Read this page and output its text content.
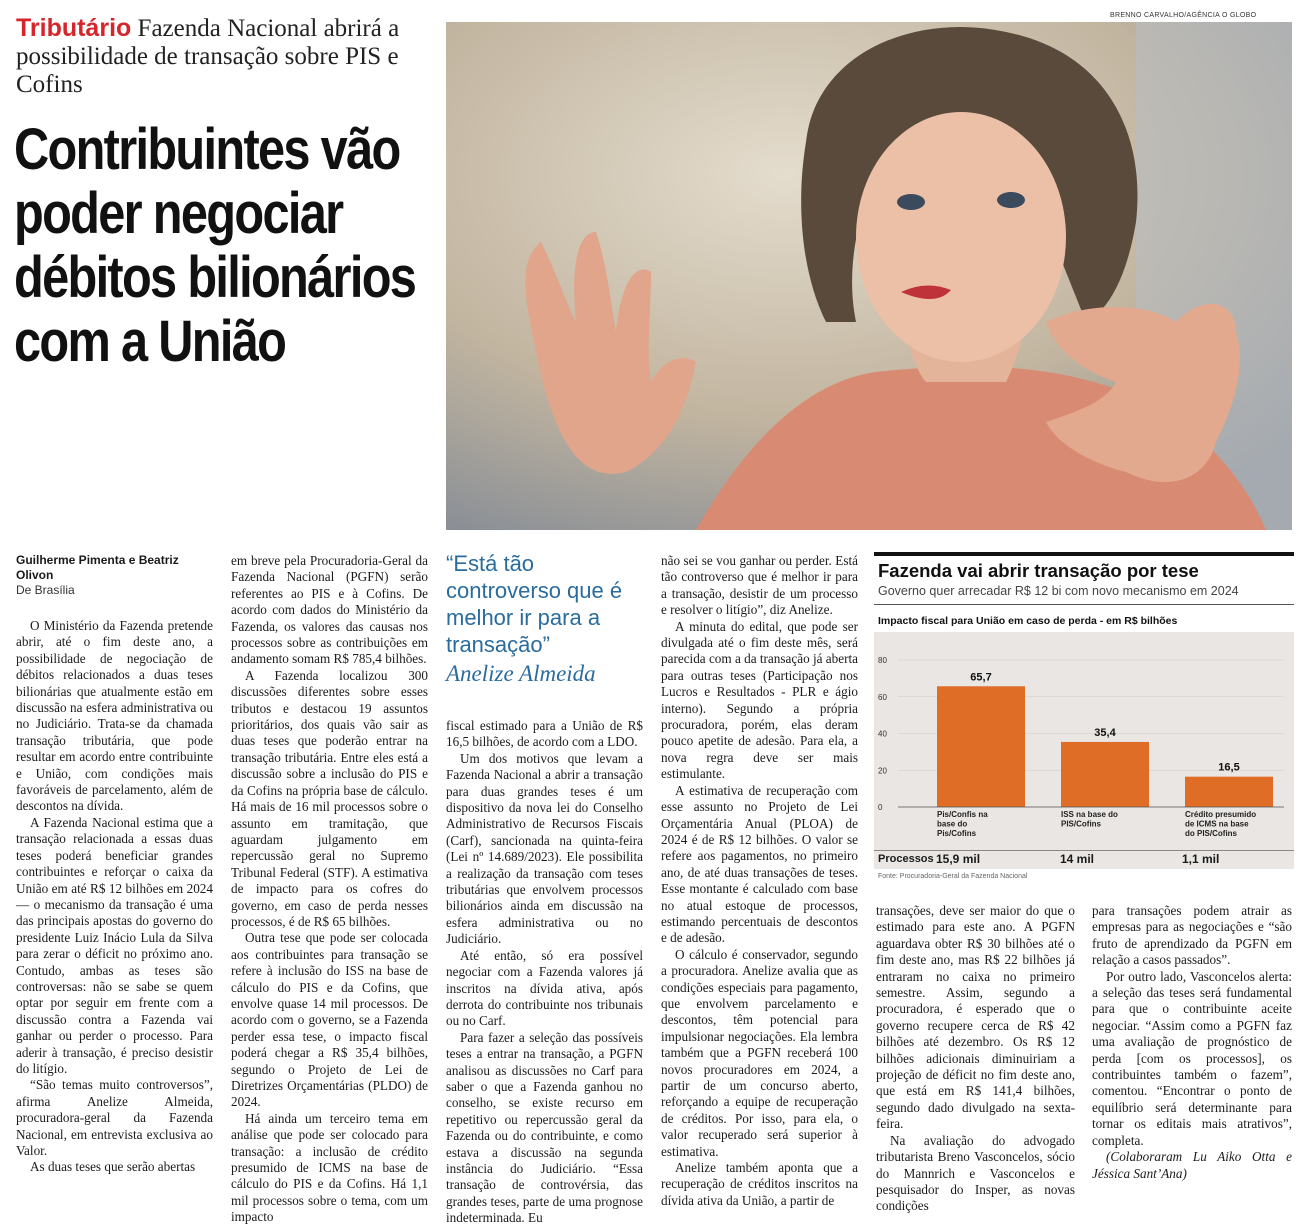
Tributário Fazenda Nacional abrirá a possibilidade de transação sobre PIS e Cofins
Contribuintes vão poder negociar débitos bilionários com a União
BRENNO CARVALHO/AGÊNCIA O GLOBO
Guilherme Pimenta e Beatriz Olivon
De Brasília

O Ministério da Fazenda pretende abrir, até o fim deste ano, a possibilidade de negociação de débitos relacionados a duas teses bilionárias que atualmente estão em discussão na esfera administrativa ou no Judiciário. Trata-se da chamada transação tributária, que pode resultar em acordo entre contribuinte e União, com condições mais favoráveis de parcelamento, além de descontos na dívida.

A Fazenda Nacional estima que a transação relacionada a essas duas teses poderá beneficiar grandes contribuintes e reforçar o caixa da União em até R$ 12 bilhões em 2024 — o mecanismo da transação é uma das principais apostas do governo do presidente Luiz Inácio Lula da Silva para zerar o déficit no próximo ano. Contudo, ambas as teses são controversas: não se sabe se quem optar por seguir em frente com a discussão contra a Fazenda vai ganhar ou perder o processo. Para aderir à transação, é preciso desistir do litígio.

“São temas muito controversos”, afirma Anelize Almeida, procuradora-geral da Fazenda Nacional, em entrevista exclusiva ao Valor.

As duas teses que serão abertas

em breve pela Procuradoria-Geral da Fazenda Nacional (PGFN) serão referentes ao PIS e à Cofins. De acordo com dados do Ministério da Fazenda, os valores das causas nos processos sobre as contribuições em andamento somam R$ 785,4 bilhões.

A Fazenda localizou 300 discussões diferentes sobre esses tributos e destacou 19 assuntos prioritários, dos quais vão sair as duas teses que poderão entrar na transação tributária. Entre eles está a discussão sobre a inclusão do PIS e da Cofins na própria base de cálculo. Há mais de 16 mil processos sobre o assunto em tramitação, que aguardam julgamento em repercussão geral no Supremo Tribunal Federal (STF). A estimativa de impacto para os cofres do governo, em caso de perda nesses processos, é de R$ 65 bilhões.

Outra tese que pode ser colocada aos contribuintes para transação se refere à inclusão do ISS na base de cálculo do PIS e da Cofins, que envolve quase 14 mil processos. De acordo com o governo, se a Fazenda perder essa tese, o impacto fiscal poderá chegar a R$ 35,4 bilhões, segundo o Projeto de Lei de Diretrizes Orçamentárias (PLDO) de 2024.

Há ainda um terceiro tema em análise que pode ser colocado para transação: a inclusão de crédito presumido de ICMS na base de cálculo do PIS e da Cofins. Há 1,1 mil processos sobre o tema, com um impacto

“Está tão controverso que é melhor ir para a transação”
Anelize Almeida

fiscal estimado para a União de R$ 16,5 bilhões, de acordo com a LDO.

Um dos motivos que levam a Fazenda Nacional a abrir a transação para duas grandes teses é um dispositivo da nova lei do Conselho Administrativo de Recursos Fiscais (Carf), sancionada na quinta-feira (Lei nº 14.689/2023). Ele possibilita a realização da transação com teses tributárias que envolvem processos bilionários ainda em discussão na esfera administrativa ou no Judiciário.

Até então, só era possível negociar com a Fazenda valores já inscritos na dívida ativa, após derrota do contribuinte nos tribunais ou no Carf.

Para fazer a seleção das possíveis teses a entrar na transação, a PGFN analisou as discussões no Carf para saber o que a Fazenda ganhou no conselho, se existe recurso em repetitivo ou repercussão geral da Fazenda ou do contribuinte, e como estava a discussão na segunda instância do Judiciário. “Essa transação de controvérsia, das grandes teses, parte de uma prognose indeterminada. Eu

não sei se vou ganhar ou perder. Está tão controverso que é melhor ir para a transação, desistir de um processo e resolver o litígio”, diz Anelize.

A minuta do edital, que pode ser divulgada até o fim deste mês, será parecida com a da transação já aberta para outras teses (Participação nos Lucros e Resultados - PLR e ágio interno). Segundo a própria procuradora, porém, elas deram pouco apetite de adesão. Para ela, a nova regra deve ser mais estimulante.

A estimativa de recuperação com esse assunto no Projeto de Lei Orçamentária Anual (PLOA) de 2024 é de R$ 12 bilhões. O valor se refere aos pagamentos, no primeiro ano, de até duas transações de teses. Esse montante é calculado com base no atual estoque de processos, estimando percentuais de descontos e de adesão.

O cálculo é conservador, segundo a procuradora. Anelize avalia que as condições especiais para pagamento, que envolvem parcelamento e descontos, têm potencial para impulsionar negociações. Ela lembra também que a PGFN receberá 100 novos procuradores em 2024, a partir de um concurso aberto, reforçando a equipe de recuperação de créditos. Por isso, para ela, o valor recuperado será superior à estimativa.

Anelize também aponta que a recuperação de créditos inscritos na dívida ativa da União, a partir de

Fazenda vai abrir transação por tese
Governo quer arrecadar R$ 12 bi com novo mecanismo em 2024
Impacto fiscal para União em caso de perda - em R$ bilhões
0
20
40
60
80
65,7
Pis/Confis na base do Pis/Cofins
35,4
ISS na base do PIS/Cofins
16,5
Crédito presumido de ICMS na base do PIS/Cofins
Processos 15,9 mil	14 mil	1,1 mil
Fonte: Procuradoria-Geral da Fazenda Nacional

transações, deve ser maior do que o estimado para este ano. A PGFN aguardava obter R$ 30 bilhões até o fim deste ano, mas R$ 22 bilhões já entraram no caixa no primeiro semestre. Assim, segundo a procuradora, é esperado que o governo recupere cerca de R$ 42 bilhões até dezembro. Os R$ 12 bilhões adicionais diminuiriam a projeção de déficit no fim deste ano, que está em R$ 141,4 bilhões, segundo dado divulgado na sexta-feira.

Na avaliação do advogado tributarista Breno Vasconcelos, sócio do Mannrich e Vasconcelos e pesquisador do Insper, as novas condições

para transações podem atrair as empresas para as negociações e “são fruto de aprendizado da PGFN em relação a casos passados”.

Por outro lado, Vasconcelos alerta: a seleção das teses será fundamental para que o contribuinte aceite negociar. “Assim como a PGFN faz uma avaliação de prognóstico de perda [com os processos], os contribuintes também o fazem”, comentou. “Encontrar o ponto de equilíbrio será determinante para tornar os editais mais atrativos”, completa.

(Colaboraram Lu Aiko Otta e Jéssica Sant’Ana)
